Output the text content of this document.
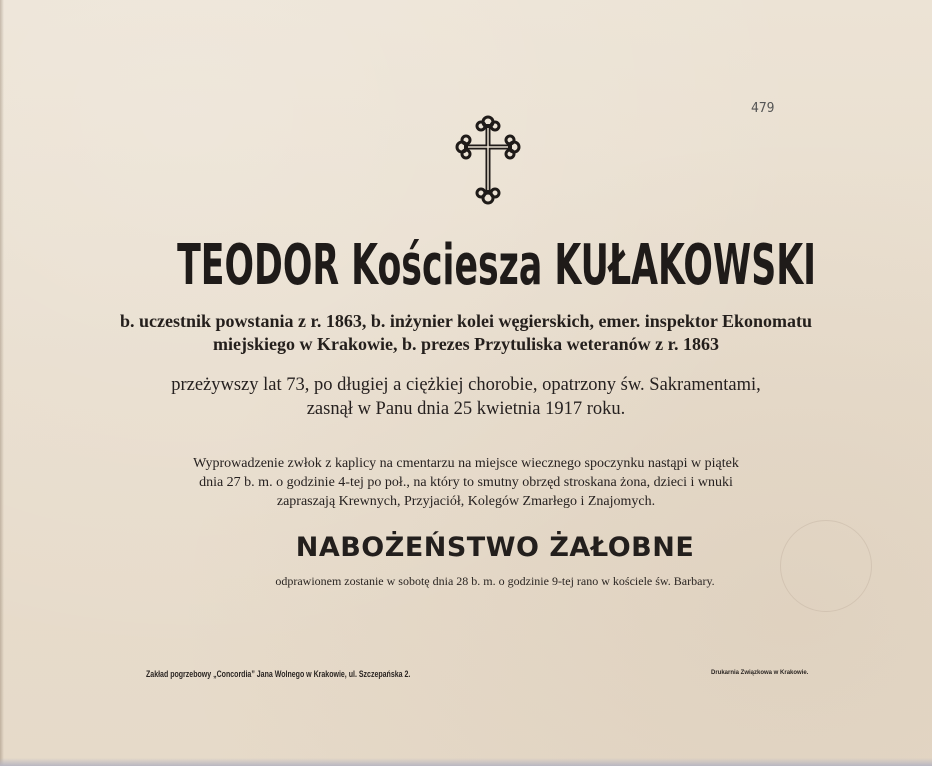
479
TEODOR Kościesza KUŁAKOWSKI
b. uczestnik powstania z r. 1863, b. inżynier kolei węgierskich, emer. inspektor Ekonomatu
miejskiego w Krakowie, b. prezes Przytuliska weteranów z r. 1863
przeżywszy lat 73, po długiej a ciężkiej chorobie, opatrzony św. Sakramentami,
zasnął w Panu dnia 25 kwietnia 1917 roku.
Wyprowadzenie zwłok z kaplicy na cmentarzu na miejsce wiecznego spoczynku nastąpi w piątek
dnia 27 b. m. o godzinie 4-tej po poł., na który to smutny obrzęd stroskana żona, dzieci i wnuki
zapraszają Krewnych, Przyjaciół, Kolegów Zmarłego i Znajomych.
NABOŻEŃSTWO ŻAŁOBNE
odprawionem zostanie w sobotę dnia 28 b. m. o godzinie 9-tej rano w kościele św. Barbary.
Zakład pogrzebowy „Concordia” Jana Wolnego w Krakowie, ul. Szczepańska 2.	Drukarnia Związkowa w Krakowie.
